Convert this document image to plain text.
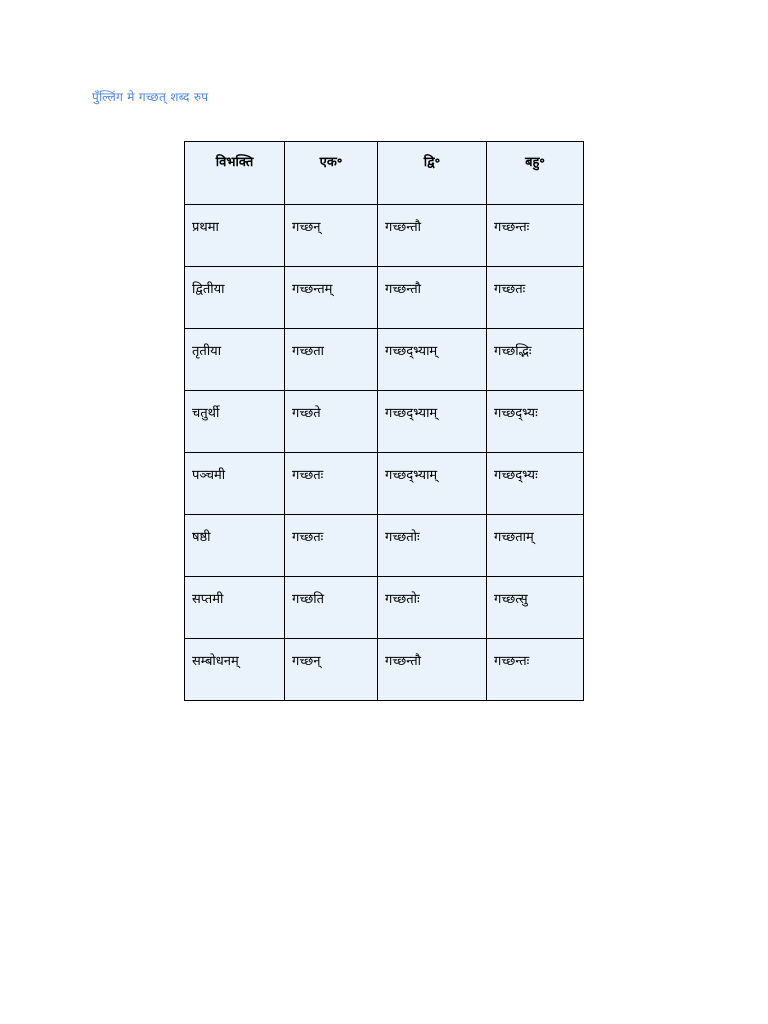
पुँल्लिंग मे गच्छत् शब्द रुप
विभक्ति	एक॰	द्वि॰	बहु॰

प्रथमा	गच्छन्	गच्छन्तौ	गच्छन्तः

द्वितीया	गच्छन्तम्	गच्छन्तौ	गच्छतः

तृतीया	गच्छता	गच्छद्भ्याम्	गच्छद्भिः

चतुर्थी	गच्छते	गच्छद्भ्याम्	गच्छद्भ्यः

पञ्चमी	गच्छतः	गच्छद्भ्याम्	गच्छद्भ्यः

षष्ठी	गच्छतः	गच्छतोः	गच्छताम्

सप्तमी	गच्छति	गच्छतोः	गच्छत्सु

सम्बोधनम्	गच्छन्	गच्छन्तौ	गच्छन्तः
